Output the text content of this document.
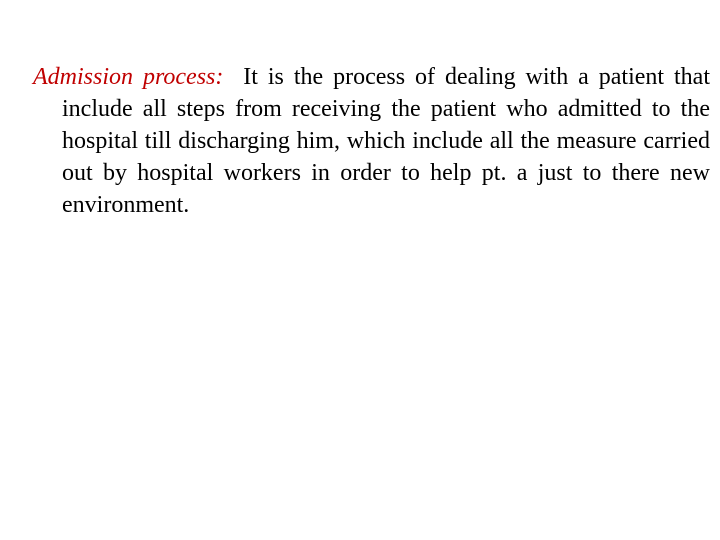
Admission process: It is the process of dealing with a patient that include all steps from receiving the patient who admitted to the hospital till discharging him, which include all the measure carried out by hospital workers in order to help pt. a just to there new environment.
